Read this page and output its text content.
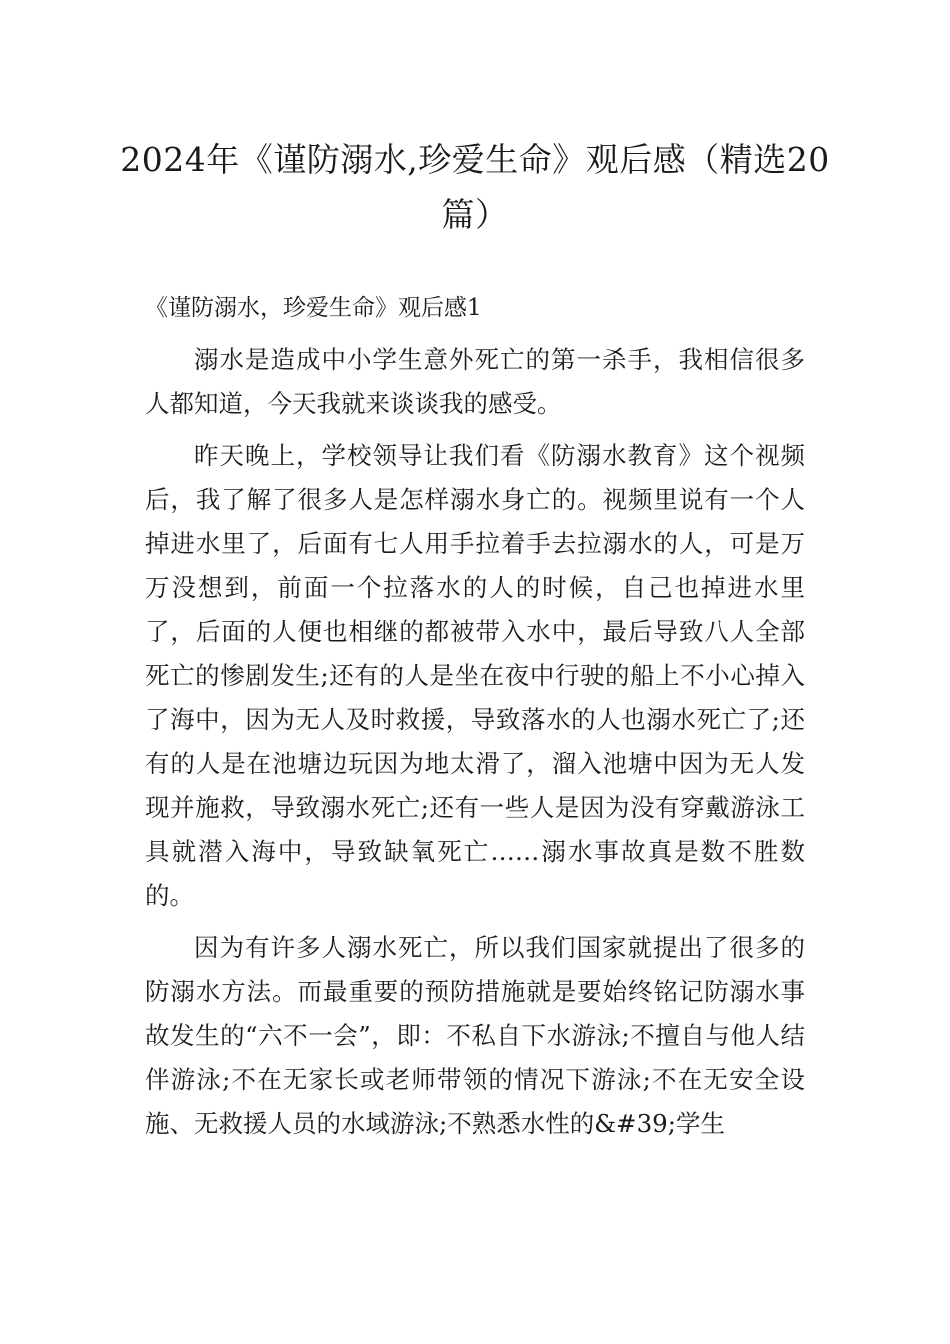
2024年《谨防溺水,珍爱生命》观后感（精选20篇）
《谨防溺水，珍爱生命》观后感1

溺水是造成中小学生意外死亡的第一杀手，我相信很多人都知道，今天我就来谈谈我的感受。

昨天晚上，学校领导让我们看《防溺水教育》这个视频后，我了解了很多人是怎样溺水身亡的。视频里说有一个人掉进水里了，后面有七人用手拉着手去拉溺水的人，可是万万没想到，前面一个拉落水的人的时候，自己也掉进水里了，后面的人便也相继的都被带入水中，最后导致八人全部死亡的惨剧发生;还有的人是坐在夜中行驶的船上不小心掉入了海中，因为无人及时救援，导致落水的人也溺水死亡了;还有的人是在池塘边玩因为地太滑了，溜入池塘中因为无人发现并施救，导致溺水死亡;还有一些人是因为没有穿戴游泳工具就潜入海中，导致缺氧死亡……溺水事故真是数不胜数的。

因为有许多人溺水死亡，所以我们国家就提出了很多的防溺水方法。而最重要的预防措施就是要始终铭记防溺水事故发生的“六不一会”，即：不私自下水游泳;不擅自与他人结伴游泳;不在无家长或老师带领的情况下游泳;不在无安全设施、无救援人员的水域游泳;不熟悉水性的&#39;学生
